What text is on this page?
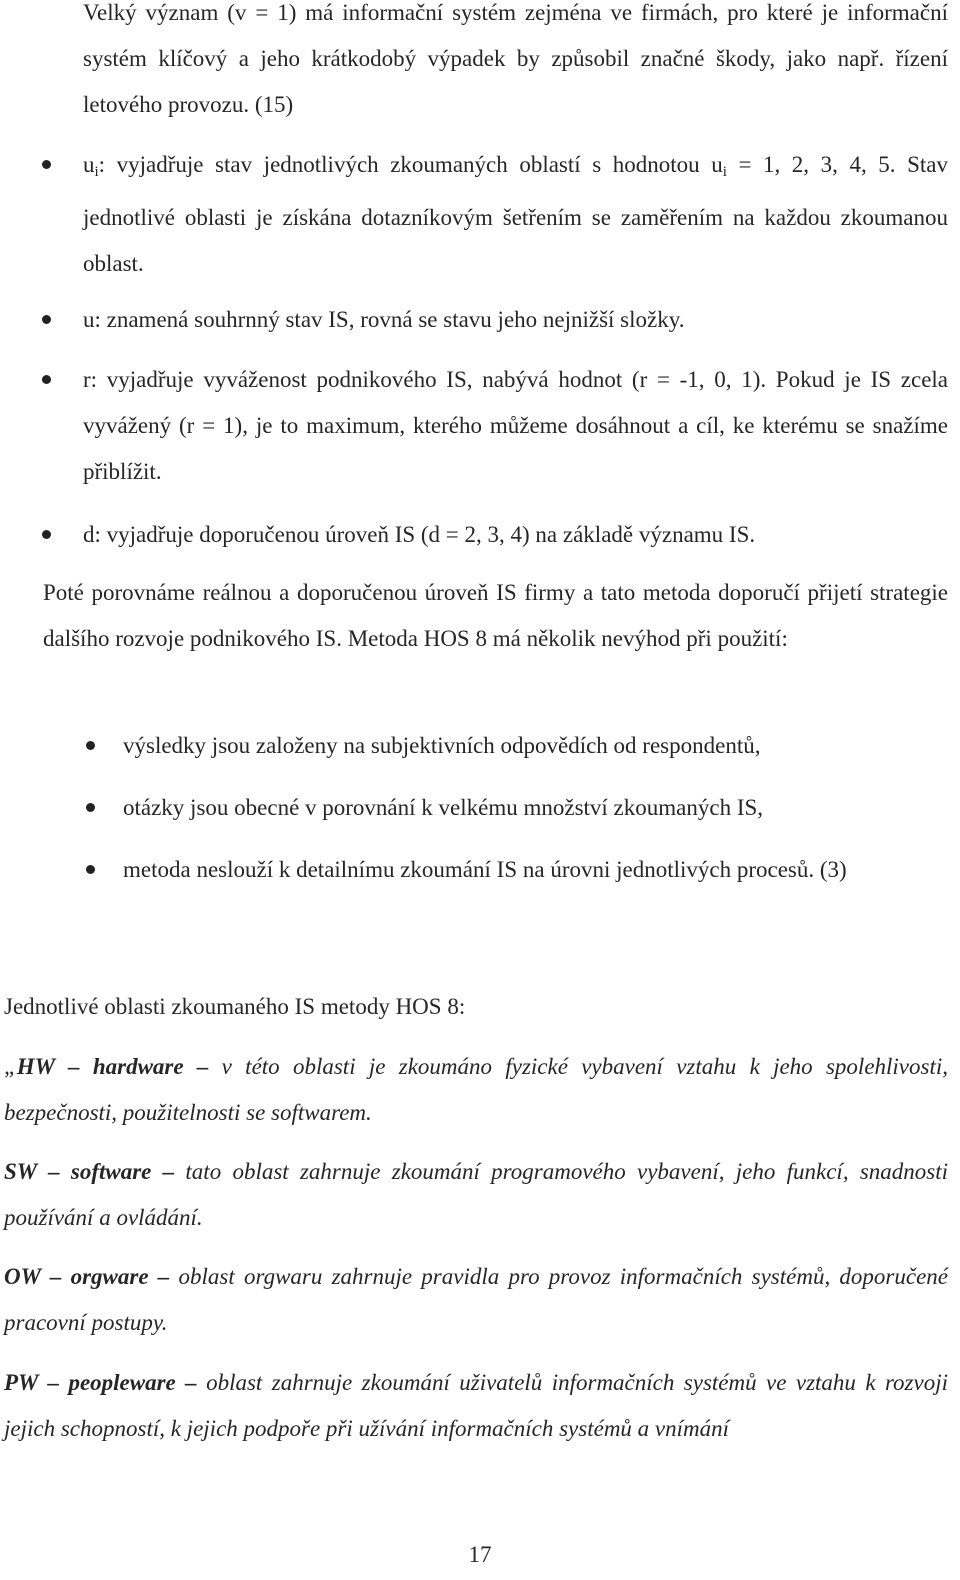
Velký význam (v = 1) má informační systém zejména ve firmách, pro které je informační systém klíčový a jeho krátkodobý výpadek by způsobil značné škody, jako např. řízení letového provozu. (15)

$u_i$: vyjadřuje stav jednotlivých zkoumaných oblastí s hodnotou $u_i = 1$, 2, 3, 4, 5. Stav jednotlivé oblasti je získána dotazníkovým šetřením se zaměřením na každou zkoumanou oblast.

u: znamená souhrnný stav IS, rovná se stavu jeho nejnižší složky.

r: vyjadřuje vyváženost podnikového IS, nabývá hodnot (r = -1, 0, 1). Pokud je IS zcela vyvážený (r = 1), je to maximum, kterého můžeme dosáhnout a cíl, ke kterému se snažíme přiblížit.

d: vyjadřuje doporučenou úroveň IS (d = 2, 3, 4) na základě významu IS.

Poté porovnáme reálnou a doporučenou úroveň IS firmy a tato metoda doporučí přijetí strategie dalšího rozvoje podnikového IS. Metoda HOS 8 má několik nevýhod při použití:

výsledky jsou založeny na subjektivních odpovědích od respondentů,

otázky jsou obecné v porovnání k velkému množství zkoumaných IS,

metoda neslouží k detailnímu zkoumání IS na úrovni jednotlivých procesů. (3)

Jednotlivé oblasti zkoumaného IS metody HOS 8:

„HW – hardware – v této oblasti je zkoumáno fyzické vybavení vztahu k jeho spolehlivosti, bezpečnosti, použitelnosti se softwarem.

SW – software – tato oblast zahrnuje zkoumání programového vybavení, jeho funkcí, snadnosti používání a ovládání.

OW – orgware – oblast orgwaru zahrnuje pravidla pro provoz informačních systémů, doporučené pracovní postupy.

PW – peopleware – oblast zahrnuje zkoumání uživatelů informačních systémů ve vztahu k rozvoji jejich schopností, k jejich podpoře při užívání informačních systémů a vnímání

17
